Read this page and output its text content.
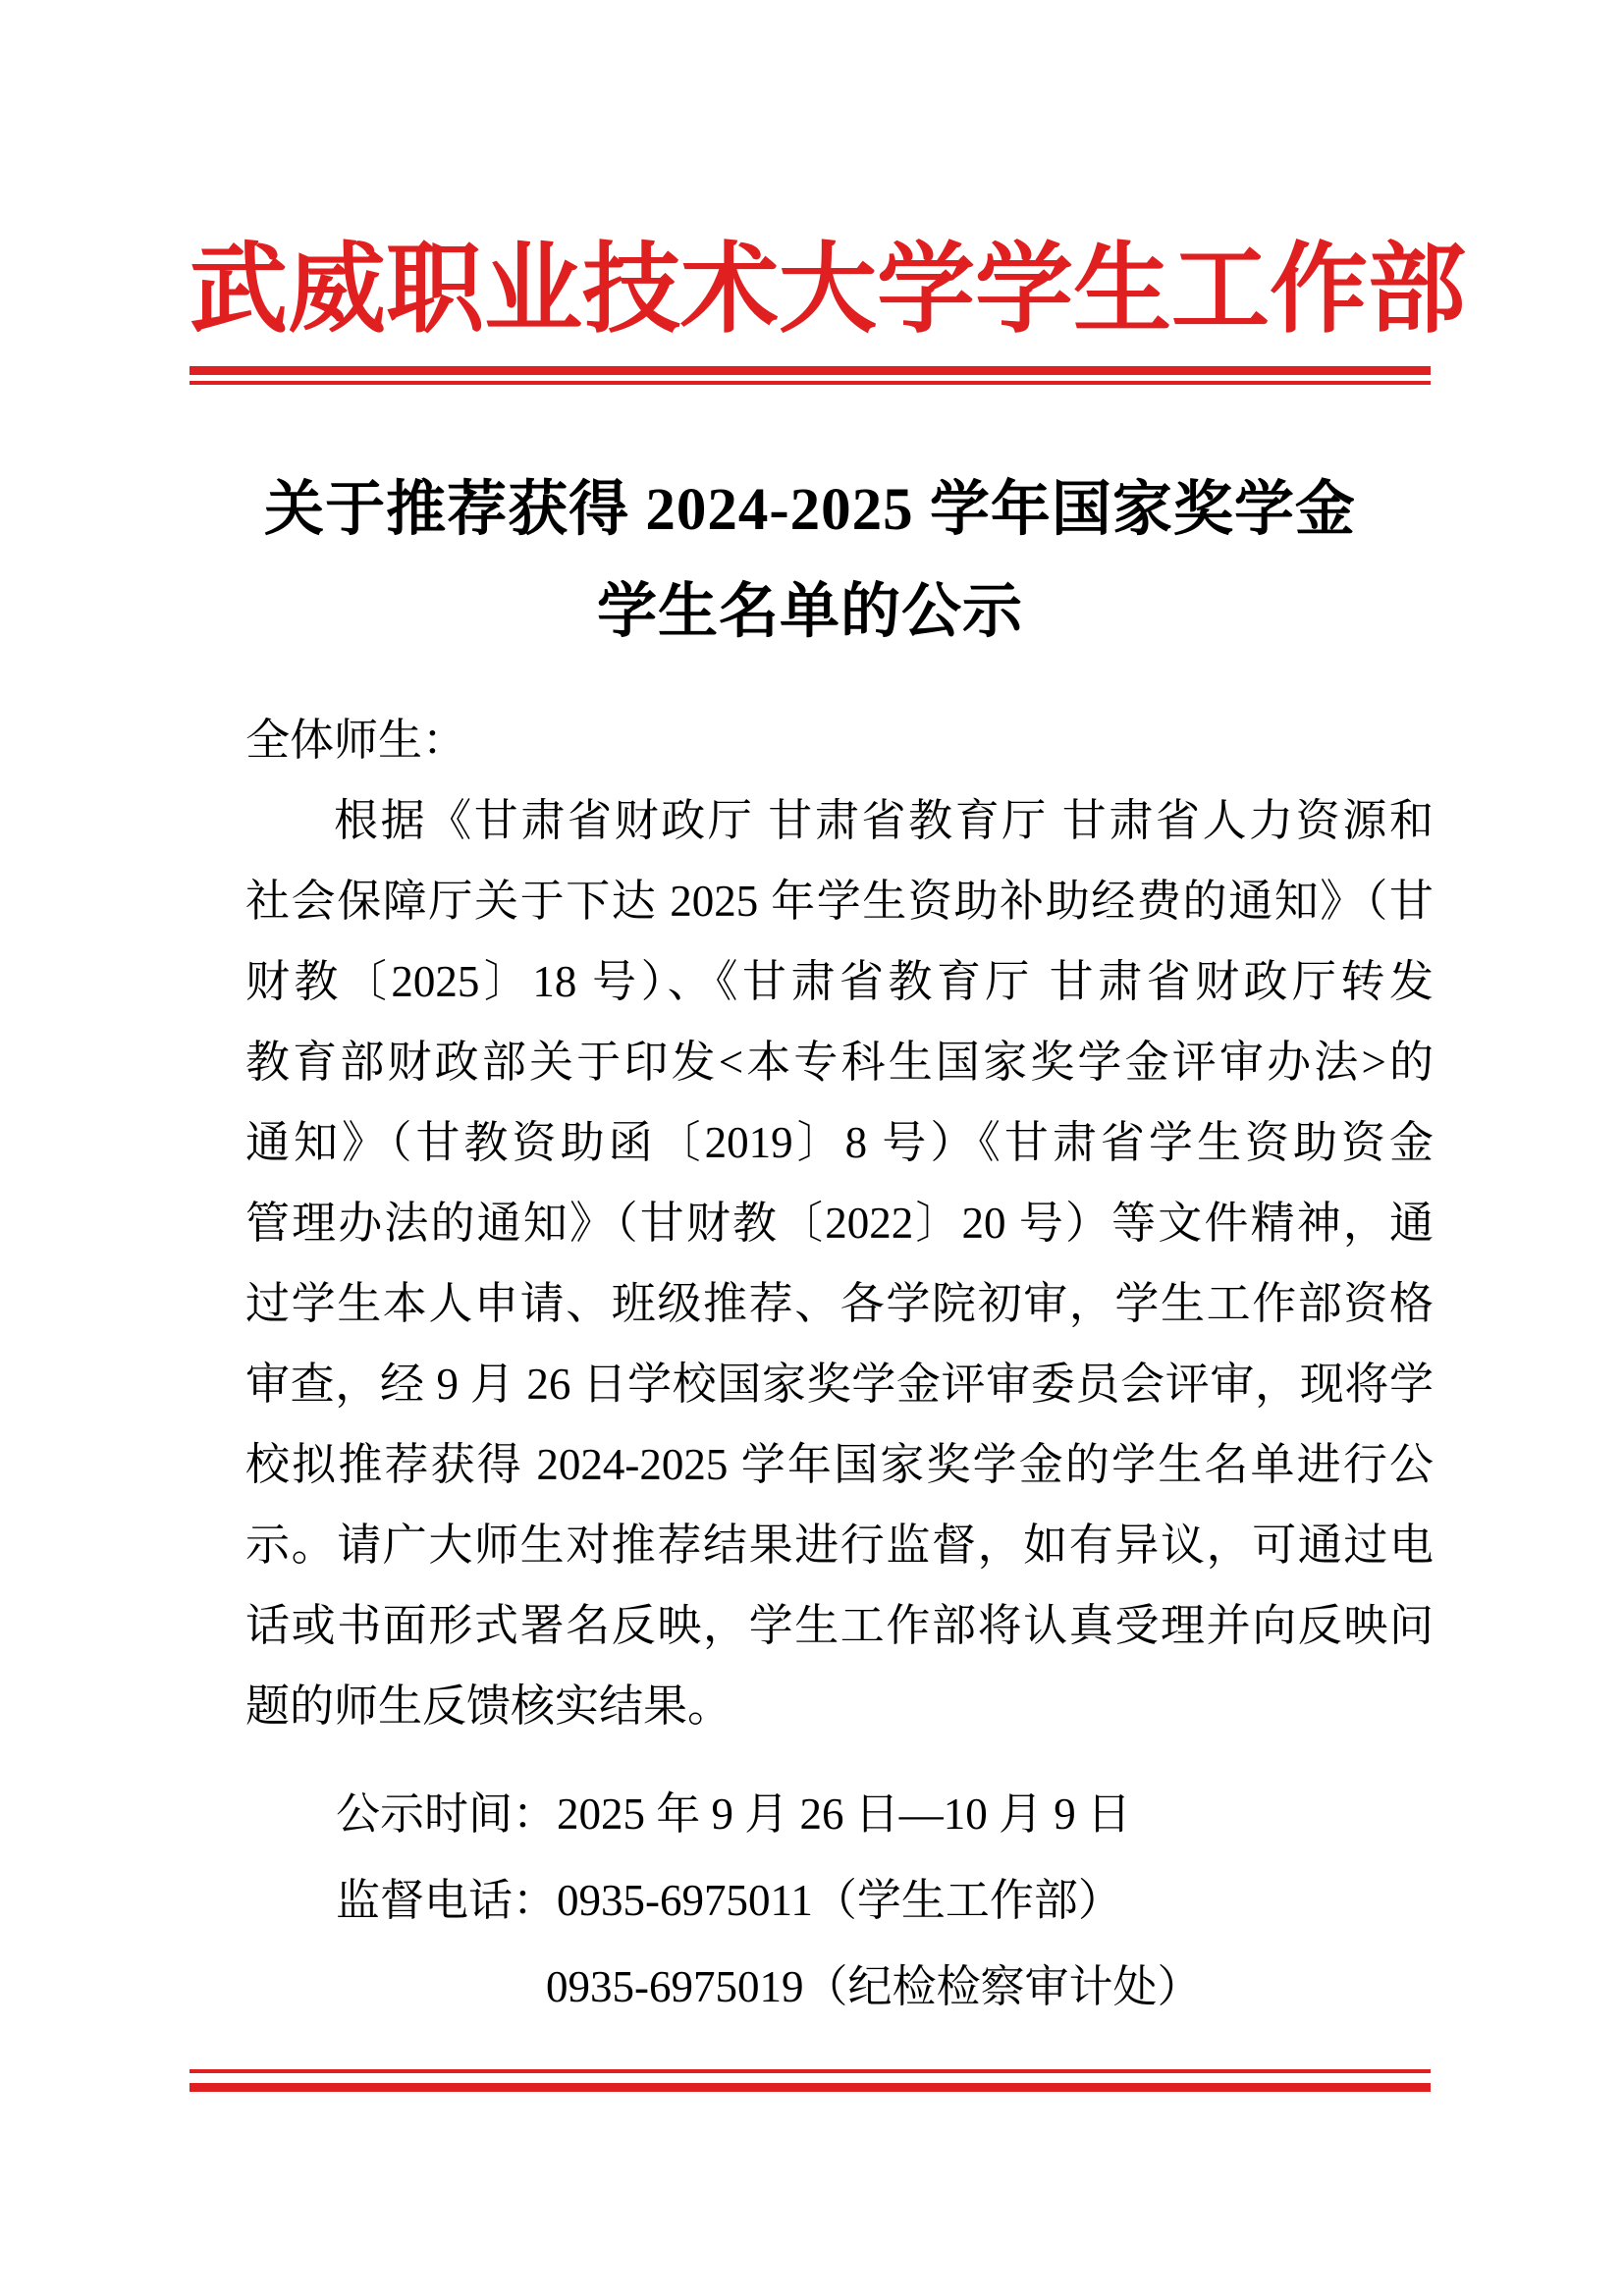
武 威 职 业 技 术 大 学 学 生 工 作 部
关于推荐获得 2024-2025 学年国家奖学金
学生名单的公示

全体师生：

根据《甘肃省财政厅 甘肃省教育厅 甘肃省人力资源和

社会保障厅关于下达 2025 年学生资助补助经费的通知》（甘

财教〔2025〕18 号）、《甘肃省教育厅 甘肃省财政厅转发

教育部财政部关于印发<本专科生国家奖学金评审办法>的

通知》（甘教资助函〔2019〕8 号）《甘肃省学生资助资金

管理办法的通知》（甘财教〔2022〕20 号）等文件精神，通

过学生本人申请、班级推荐、各学院初审，学生工作部资格

审查，经 9 月 26 日学校国家奖学金评审委员会评审，现将学

校拟推荐获得 2024-2025 学年国家奖学金的学生名单进行公

示。请广大师生对推荐结果进行监督，如有异议，可通过电

话或书面形式署名反映，学生工作部将认真受理并向反映问

题的师生反馈核实结果。

公示时间：2025 年 9 月 26 日—10 月 9 日

监督电话：0935-6975011（学生工作部）

0935-6975019（纪检检察审计处）
